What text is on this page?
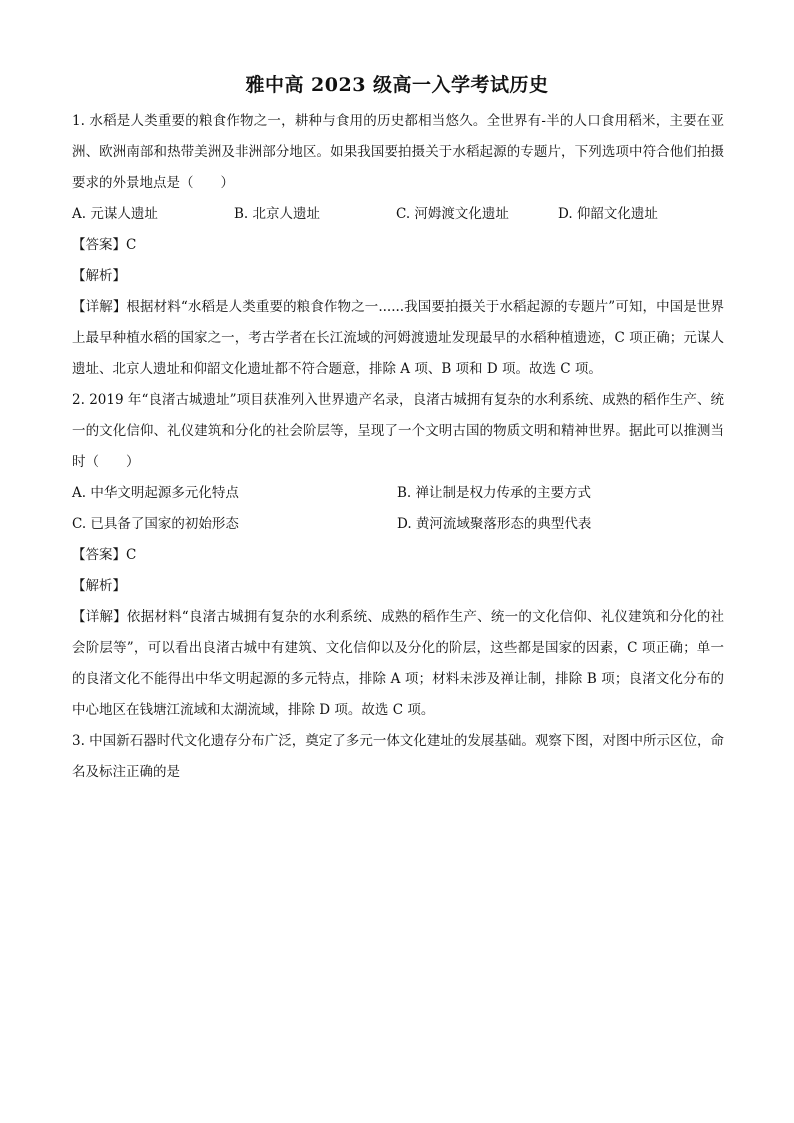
雅中高 2023 级高一入学考试历史

1. 水稻是人类重要的粮食作物之一，耕种与食用的历史都相当悠久。全世界有-半的人口食用稻米，主要在亚洲、欧洲南部和热带美洲及非洲部分地区。如果我国要拍摄关于水稻起源的专题片，下列选项中符合他们拍摄要求的外景地点是（　　）

A. 元谋人遗址	B. 北京人遗址	C. 河姆渡文化遗址	D. 仰韶文化遗址

【答案】C

【解析】

【详解】根据材料“水稻是人类重要的粮食作物之一......我国要拍摄关于水稻起源的专题片”可知，中国是世界上最早种植水稻的国家之一，考古学者在长江流域的河姆渡遗址发现最早的水稻种植遗迹，C 项正确；元谋人遗址、北京人遗址和仰韶文化遗址都不符合题意，排除 A 项、B 项和 D 项。故选 C 项。

2. 2019 年“良渚古城遗址”项目获准列入世界遗产名录，良渚古城拥有复杂的水利系统、成熟的稻作生产、统一的文化信仰、礼仪建筑和分化的社会阶层等，呈现了一个文明古国的物质文明和精神世界。据此可以推测当时（　　）

A. 中华文明起源多元化特点	B. 禅让制是权力传承的主要方式
C. 已具备了国家的初始形态	D. 黄河流域聚落形态的典型代表

【答案】C

【解析】

【详解】依据材料“良渚古城拥有复杂的水利系统、成熟的稻作生产、统一的文化信仰、礼仪建筑和分化的社会阶层等”，可以看出良渚古城中有建筑、文化信仰以及分化的阶层，这些都是国家的因素，C 项正确；单一的良渚文化不能得出中华文明起源的多元特点，排除 A 项；材料未涉及禅让制，排除 B 项；良渚文化分布的中心地区在钱塘江流域和太湖流域，排除 D 项。故选 C 项。

3. 中国新石器时代文化遗存分布广泛，奠定了多元一体文化建址的发展基础。观察下图，对图中所示区位，命名及标注正确的是
